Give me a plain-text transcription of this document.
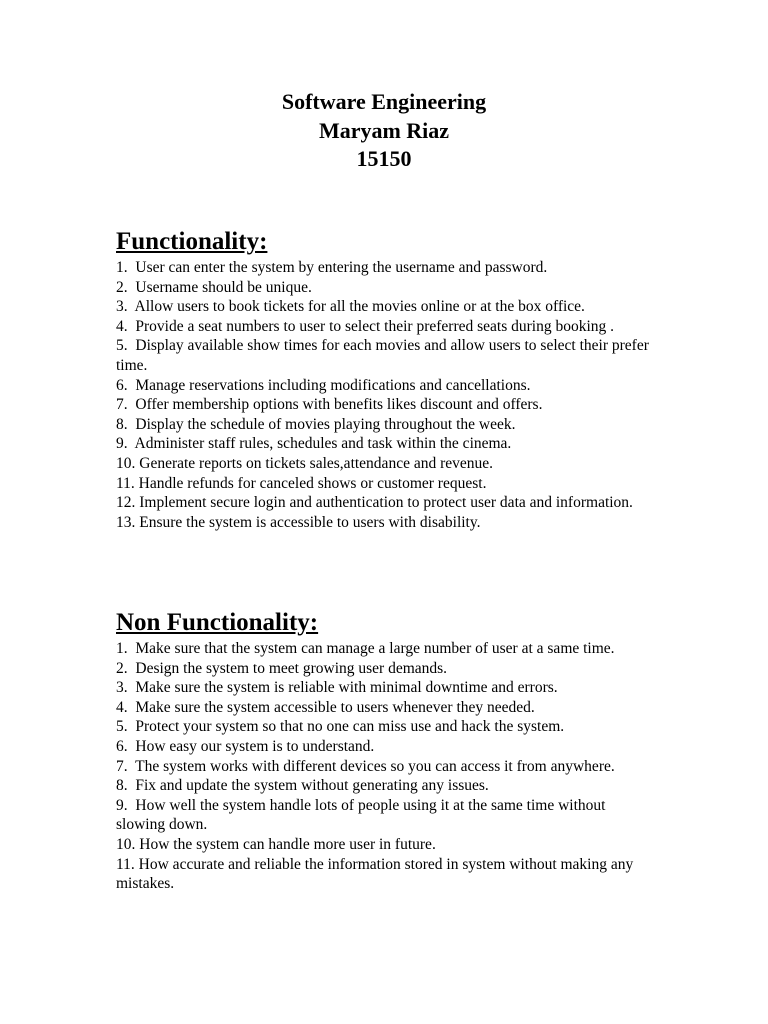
Software Engineering
Maryam Riaz
15150
Functionality:
1.  User can enter the system by entering the username and password.
2.  Username should be unique.
3.  Allow users to book tickets for all the movies online or at the box office.
4.  Provide a seat numbers to user to select their preferred seats during booking .
5.  Display available show times for each movies and allow users to select their prefer time.
6.  Manage reservations including modifications and cancellations.
7.  Offer membership options with benefits likes discount and offers.
8.  Display the schedule of movies playing throughout the week.
9.  Administer staff rules, schedules and task within the cinema.
10. Generate reports on tickets sales,attendance and revenue.
11. Handle refunds for canceled shows or customer request.
12. Implement secure login and authentication to protect user data and information.
13. Ensure the system is accessible to users with disability.
Non Functionality:
1.  Make sure that the system can manage a large number of user at a same time.
2.  Design the system to meet growing user demands.
3.  Make sure the system is reliable with minimal downtime and errors.
4.  Make sure the system accessible to users whenever they needed.
5.  Protect your system so that no one can miss use and hack the system.
6.  How easy our system is to understand.
7.  The system works with different devices so you can access it from anywhere.
8.  Fix and update the system without generating any issues.
9.  How well the system handle lots of people using it at the same time without slowing down.
10. How the system can handle more user in future.
11. How accurate and reliable the information stored in system without making any mistakes.
